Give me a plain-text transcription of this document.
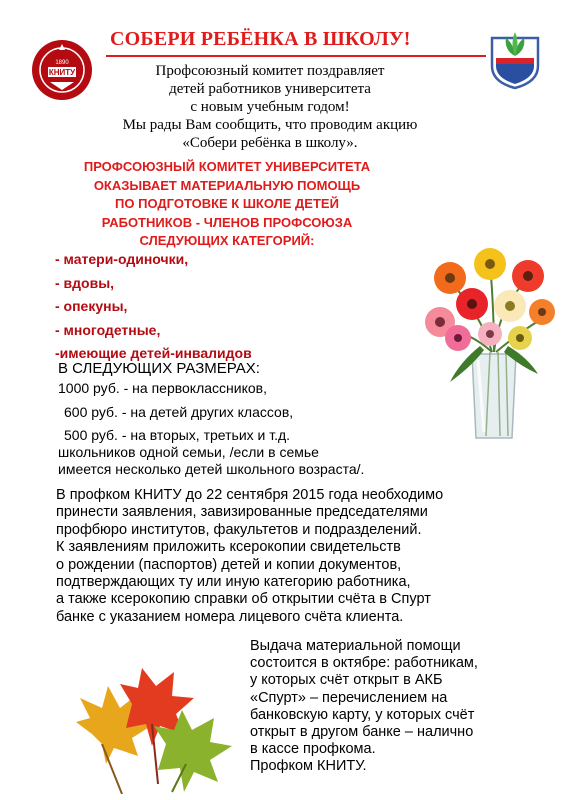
1890
КНИТУ
СОБЕРИ РЕБЁНКА В ШКОЛУ!
Профсоюзный комитет поздравляет
детей работников университета
с новым учебным годом!
Мы рады Вам сообщить, что проводим акцию
«Собери ребёнка в школу».
ПРОФСОЮЗНЫЙ КОМИТЕТ УНИВЕРСИТЕТА
ОКАЗЫВАЕТ МАТЕРИАЛЬНУЮ ПОМОЩЬ
ПО ПОДГОТОВКЕ К ШКОЛЕ ДЕТЕЙ
РАБОТНИКОВ - ЧЛЕНОВ ПРОФСОЮЗА
СЛЕДУЮЩИХ КАТЕГОРИЙ:
- матери-одиночки,
- вдовы,
- опекуны,
- многодетные,
-имеющие детей-инвалидов
В СЛЕДУЮЩИХ РАЗМЕРАХ:
1000 руб. - на первоклассников,
600 руб. - на детей других классов,
500 руб. - на вторых, третьих и т.д.
школьников одной семьи, /если в семье
имеется несколько детей школьного возраста/.
В профком КНИТУ до 22 сентября 2015 года необходимо
принести заявления, завизированные председателями
профбюро институтов, факультетов и подразделений.
К заявлениям приложить ксерокопии свидетельств
о рождении (паспортов) детей и копии документов,
подтверждающих ту или иную категорию работника,
а также ксерокопию справки об открытии счёта в Спурт
банке с указанием номера лицевого счёта клиента.
Выдача материальной помощи
состоится в октябре: работникам,
у которых счёт открыт в АКБ
«Спурт» – перечислением на
банковскую карту, у которых счёт
открыт в другом банке – налично
в кассе профкома.
Профком КНИТУ.
